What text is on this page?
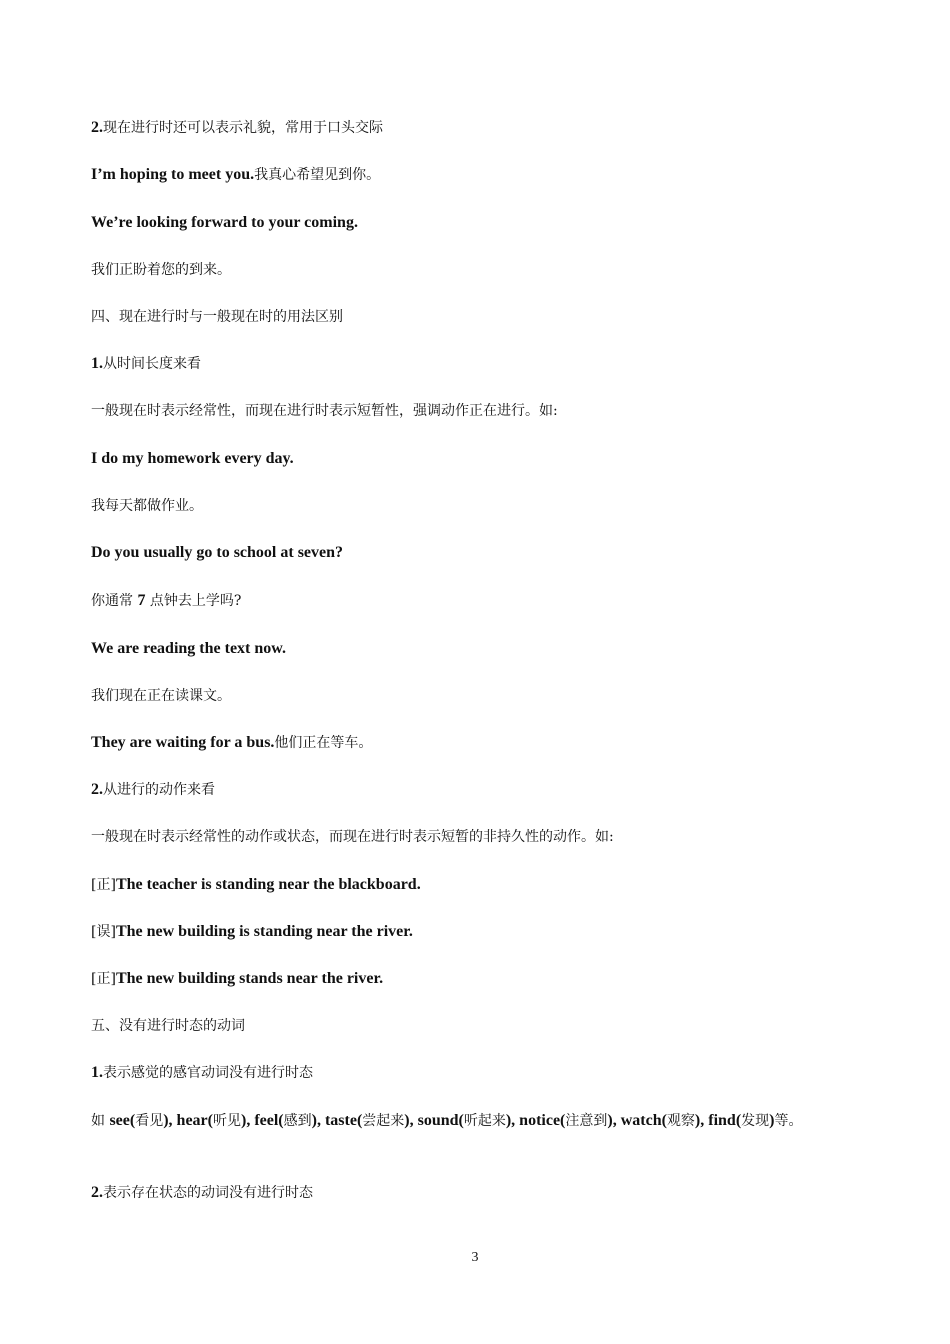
2.现在进行时还可以表示礼貌，常用于口头交际
I’m hoping to meet you.我真心希望见到你。
We’re looking forward to your coming.
我们正盼着您的到来。
四、现在进行时与一般现在时的用法区别
1.从时间长度来看
一般现在时表示经常性，而现在进行时表示短暂性，强调动作正在进行。如:
I do my homework every day.
我每天都做作业。
Do you usually go to school at seven?
你通常 7 点钟去上学吗?
We are reading the text now.
我们现在正在读课文。
They are waiting for a bus.他们正在等车。
2.从进行的动作来看
一般现在时表示经常性的动作或状态，而现在进行时表示短暂的非持久性的动作。如:
[正]The teacher is standing near the blackboard.
[误]The new building is standing near the river.
[正]The new building stands near the river.
五、没有进行时态的动词
1.表示感觉的感官动词没有进行时态
如 see(看见), hear(听见), feel(感到), taste(尝起来), sound(听起来), notice(注意到), watch(观察), find(发现)等。
2.表示存在状态的动词没有进行时态
3
